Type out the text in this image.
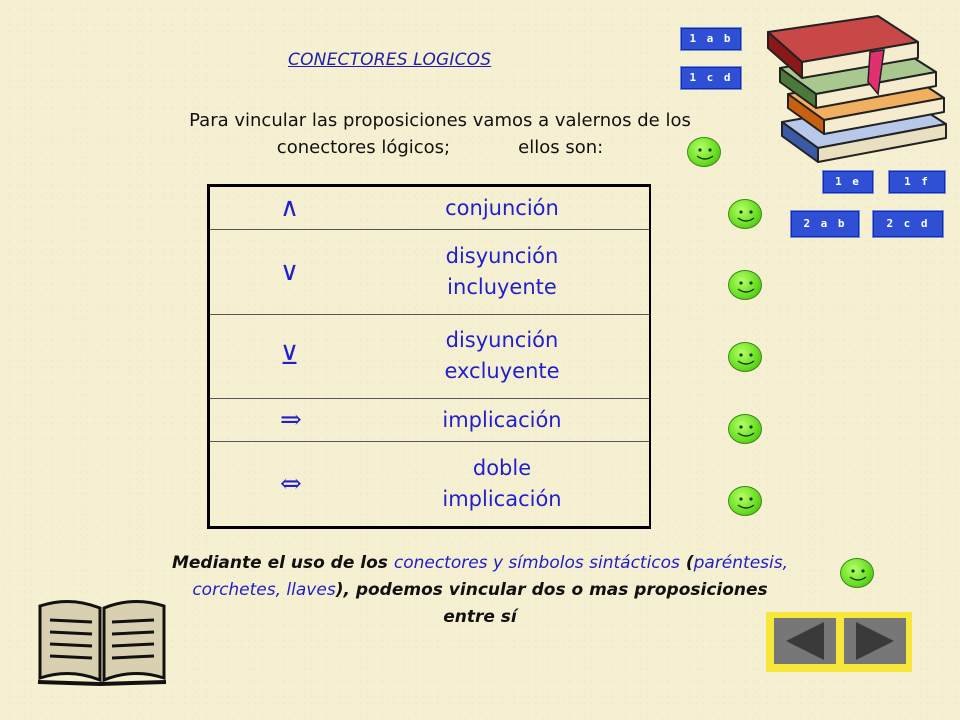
CONECTORES LOGICOS
Para vincular las proposiciones vamos a valernos de los
conectores lógicos;	ellos son:
∧	conjunción
∨	disyunción
incluyente
⊻	disyunción
excluyente
⇒	implicación
⇔	doble
implicación
Mediante el uso de los conectores y símbolos sintácticos (paréntesis, corchetes, llaves), podemos vincular dos o mas proposiciones entre sí
1 a b
1 c d
1 e	1 f
2 a b	2 c d
